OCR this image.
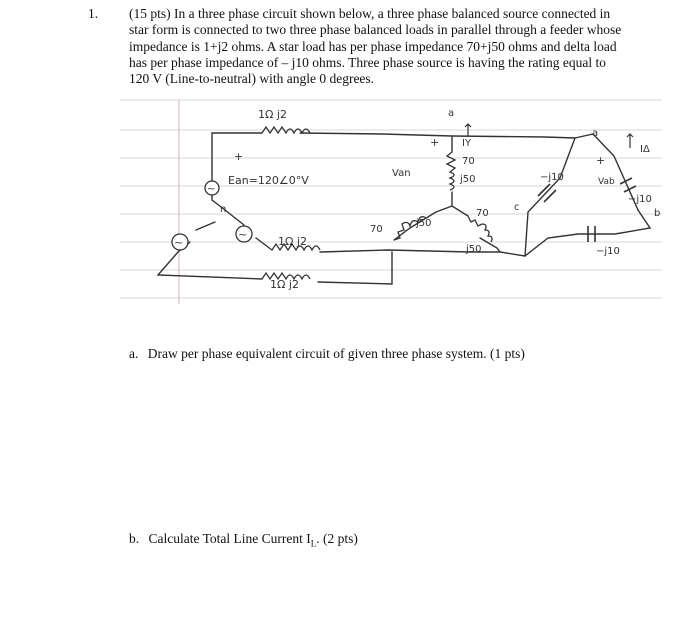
1. (15 pts) In a three phase circuit shown below, a three phase balanced source connected in
star form is connected to two three phase balanced loads in parallel through a feeder whose
impedance is 1+j2 ohms. A star load has per phase impedance 70+j50 ohms and delta load
has per phase impedance of – j10 ohms. Three phase source is having the rating equal to
120 V (Line-to-neutral) with angle 0 degrees.

~
~
~
1Ω j2
1Ω j2
1Ω j2
+
Ean=120∠0°V
n
+
Van
a
IY
70
j50
70
j50
70
j50
−j10
−j10
−j10
a
IΔ
+
Vab
b
c
a. Draw per phase equivalent circuit of given three phase system. (1 pts)
b. Calculate Total Line Current $I_L$. (2 pts)
